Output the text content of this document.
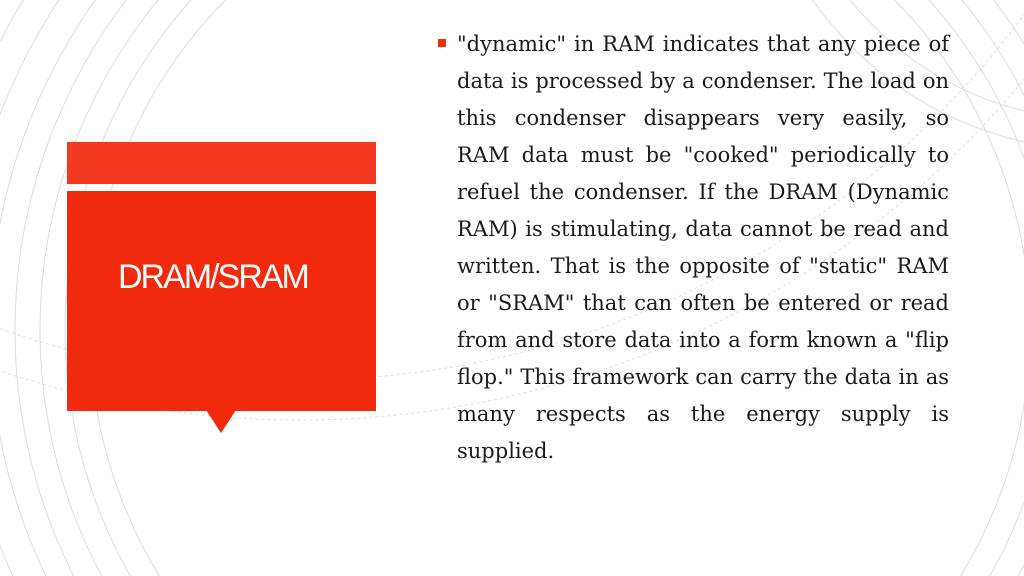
DRAM/SRAM

"dynamic" in RAM indicates that any piece of data is processed by a condenser. The load on this condenser disappears very easily, so RAM data must be "cooked" periodically to refuel the condenser. If the DRAM (Dynamic RAM) is stimulating, data cannot be read and written. That is the opposite of "static" RAM or "SRAM" that can often be entered or read from and store data into a form known a "flip flop." This framework can carry the data in as many respects as the energy supply is supplied.
